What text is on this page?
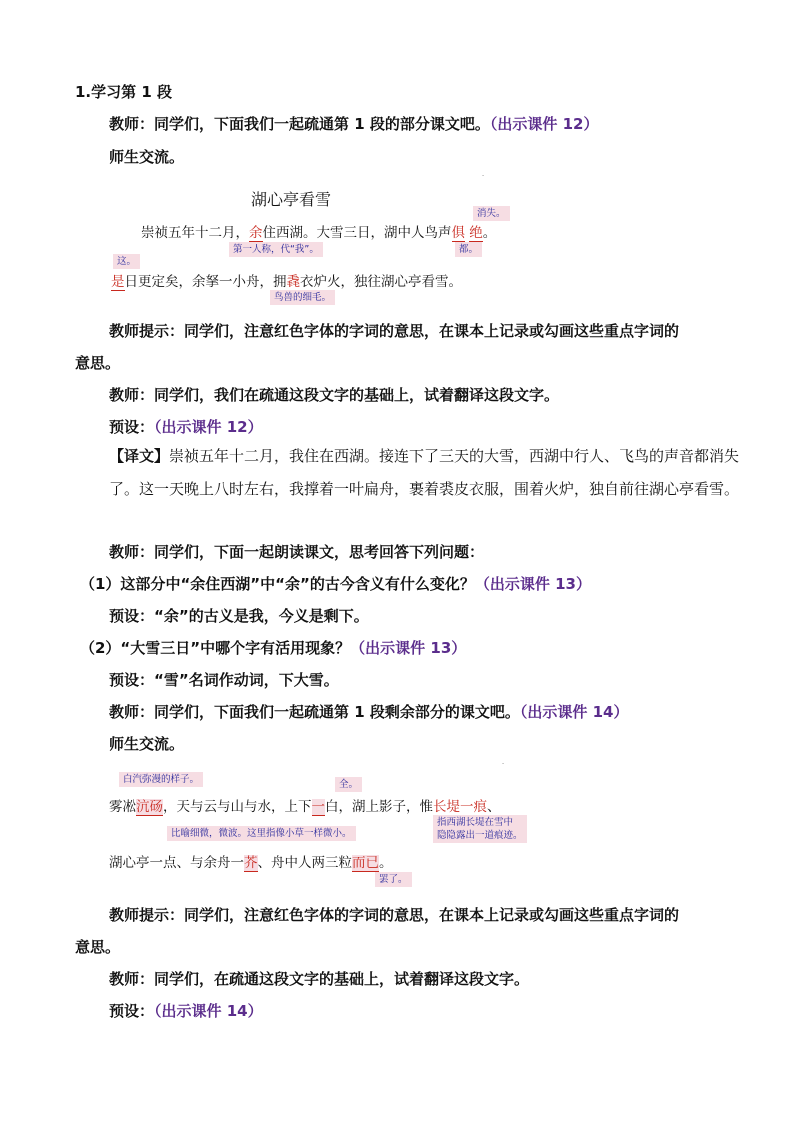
1.学习第 1 段
教师：同学们，下面我们一起疏通第 1 段的部分课文吧。（出示课件 12）
师生交流。
-
湖心亭看雪
消失。
崇祯五年十二月，余住西湖。大雪三日，湖中人鸟声俱 绝。
第一人称，代“我”。	都。
这。
是日更定矣，余拏一小舟，拥毳衣炉火，独往湖心亭看雪。
鸟兽的细毛。
教师提示：同学们，注意红色字体的字词的意思，在课本上记录或勾画这些重点字词的
意思。
教师：同学们，我们在疏通这段文字的基础上，试着翻译这段文字。
预设：（出示课件 12）
【译文】崇祯五年十二月，我住在西湖。接连下了三天的大雪，西湖中行人、飞鸟的声音都消失了。这一天晚上八时左右，我撑着一叶扁舟，裹着裘皮衣服，围着火炉，独自前往湖心亭看雪。
教师：同学们，下面一起朗读课文，思考回答下列问题：
（1）这部分中“余住西湖”中“余”的古今含义有什么变化？（出示课件 13）
预设：“余”的古义是我，今义是剩下。
（2）“大雪三日”中哪个字有活用现象？（出示课件 13）
预设：“雪”名词作动词，下大雪。
教师：同学们，下面我们一起疏通第 1 段剩余部分的课文吧。（出示课件 14）
师生交流。
-
白汽弥漫的样子。	全。
雾凇沆砀，天与云与山与水，上下一白，湖上影子，惟长堤一痕、
比喻细微，微波。这里指像小草一样微小。
指西湖长堤在雪中
隐隐露出一道痕迹。
湖心亭一点、与余舟一芥、舟中人两三粒而已。
罢了。
教师提示：同学们，注意红色字体的字词的意思，在课本上记录或勾画这些重点字词的
意思。
教师：同学们，在疏通这段文字的基础上，试着翻译这段文字。
预设：（出示课件 14）
